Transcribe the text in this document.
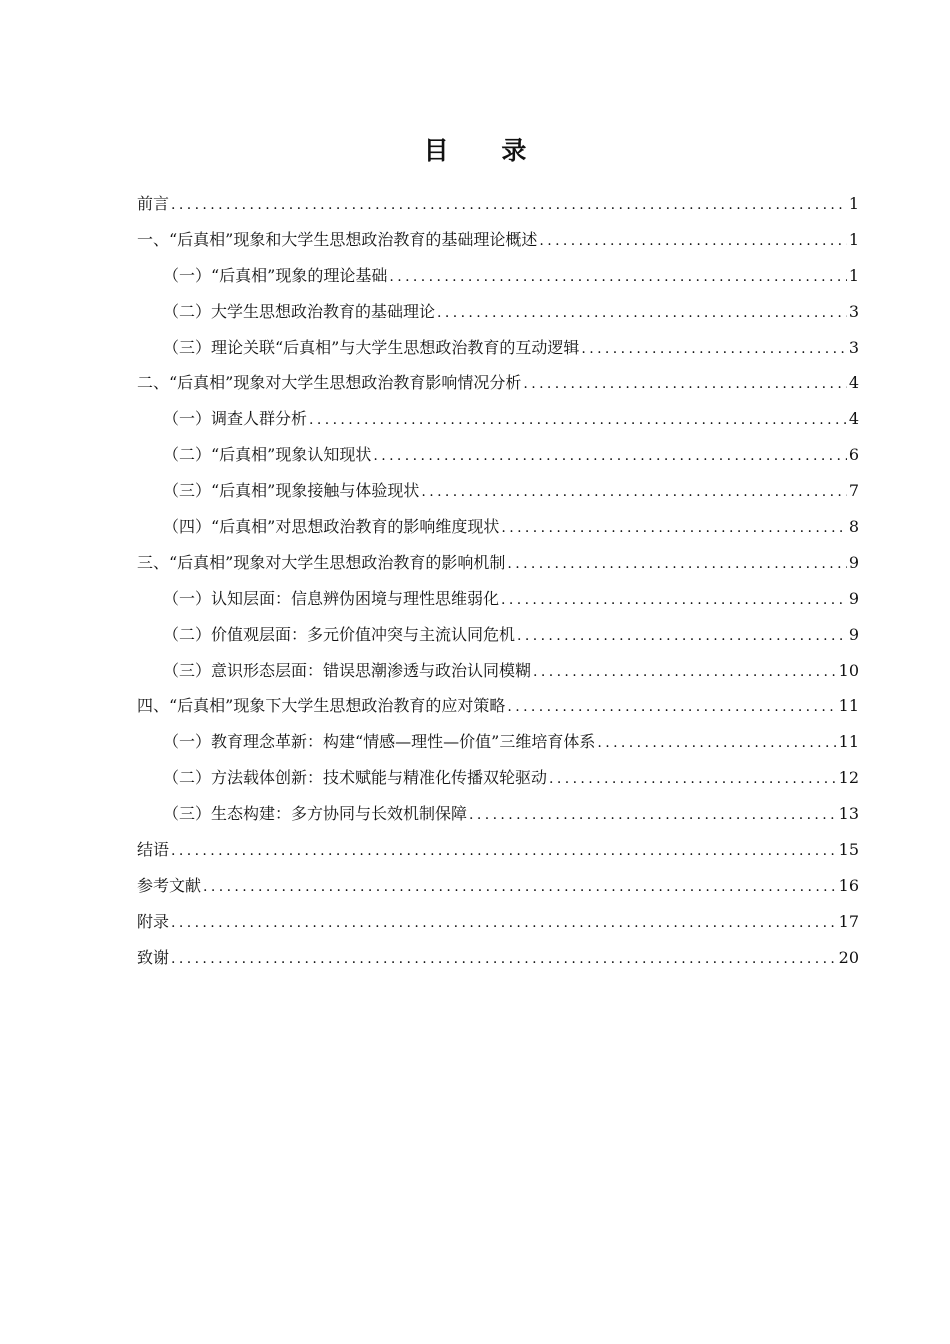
目 录
前言 .....	1
一、“后真相”现象和大学生思想政治教育的基础理论概述 .....	1
（一）“后真相”现象的理论基础 .....	1
（二）大学生思想政治教育的基础理论 .....	3
（三）理论关联“后真相”与大学生思想政治教育的互动逻辑 .....	3
二、“后真相”现象对大学生思想政治教育影响情况分析 .....	4
（一）调查人群分析 .....	4
（二）“后真相”现象认知现状 .....	6
（三）“后真相”现象接触与体验现状 .....	7
（四）“后真相”对思想政治教育的影响维度现状 .....	8
三、“后真相”现象对大学生思想政治教育的影响机制 .....	9
（一）认知层面：信息辨伪困境与理性思维弱化 .....	9
（二）价值观层面：多元价值冲突与主流认同危机 .....	9
（三）意识形态层面：错误思潮渗透与政治认同模糊 .....	10
四、“后真相”现象下大学生思想政治教育的应对策略 .....	11
（一）教育理念革新：构建“情感—理性—价值”三维培育体系 .....	11
（二）方法载体创新：技术赋能与精准化传播双轮驱动 .....	12
（三）生态构建：多方协同与长效机制保障 .....	13
结语 .....	15
参考文献 .....	16
附录 .....	17
致谢 .....	20
